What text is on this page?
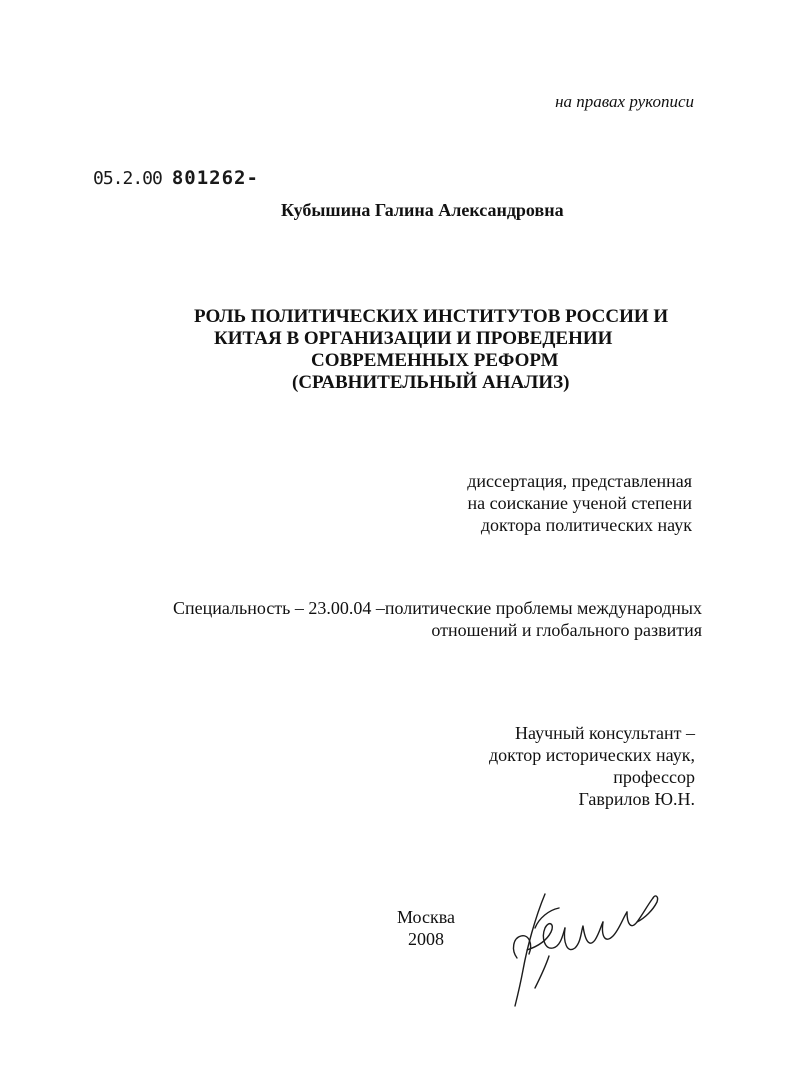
на правах рукописи
05.2.00 801262-
Кубышина Галина Александровна
РОЛЬ ПОЛИТИЧЕСКИХ ИНСТИТУТОВ РОССИИ И
КИТАЯ В ОРГАНИЗАЦИИ И ПРОВЕДЕНИИ
СОВРЕМЕННЫХ РЕФОРМ
(СРАВНИТЕЛЬНЫЙ АНАЛИЗ)
диссертация, представленная
на соискание ученой степени
доктора политических наук
Специальность – 23.00.04 –политические проблемы международных
отношений и глобального развития
Научный консультант –
доктор исторических наук,
профессор
Гаврилов Ю.Н.
Москва
2008
